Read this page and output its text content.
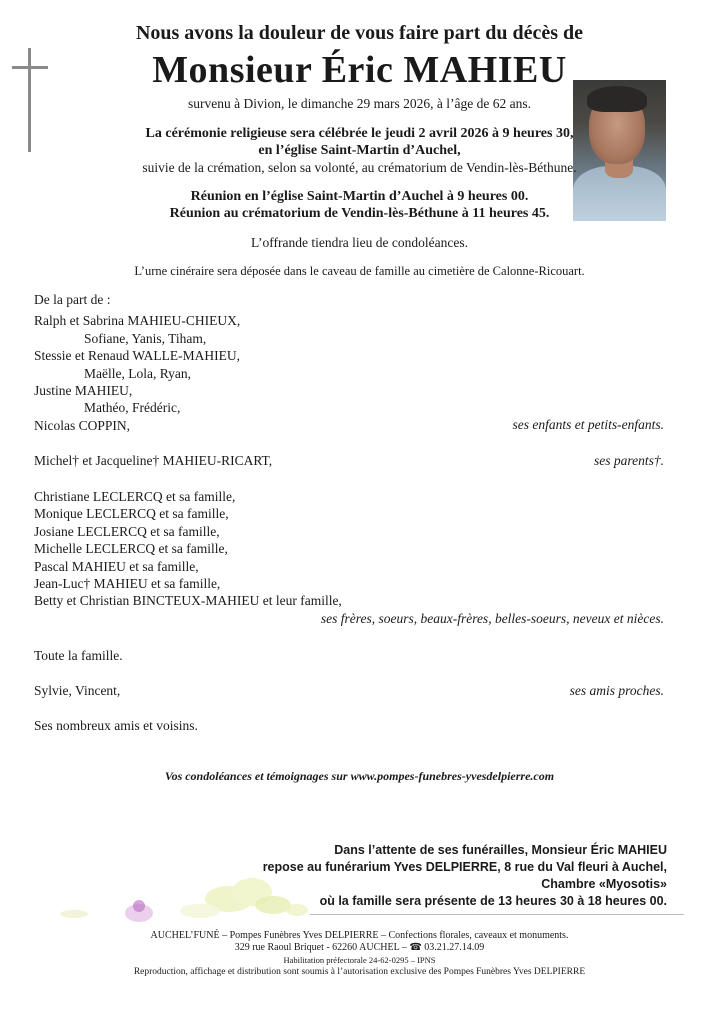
Nous avons la douleur de vous faire part du décès de
Monsieur Éric MAHIEU
survenu à Divion, le dimanche 29 mars 2026, à l’âge de 62 ans.
La cérémonie religieuse sera célébrée le jeudi 2 avril 2026 à 9 heures 30,
en l’église Saint-Martin d’Auchel,
suivie de la crémation, selon sa volonté, au crématorium de Vendin-lès-Béthune.
Réunion en l’église Saint-Martin d’Auchel à 9 heures 00.
Réunion au crématorium de Vendin-lès-Béthune à 11 heures 45.
L’offrande tiendra lieu de condoléances.
L’urne cinéraire sera déposée dans le caveau de famille au cimetière de Calonne-Ricouart.
De la part de :
Ralph et Sabrina MAHIEU-CHIEUX,
Sofiane, Yanis, Tiham,
Stessie et Renaud WALLE-MAHIEU,
Maëlle, Lola, Ryan,
Justine MAHIEU,
Mathéo, Frédéric,
Nicolas COPPIN,	ses enfants et petits-enfants.
Michel† et Jacqueline† MAHIEU-RICART,	ses parents†.
Christiane LECLERCQ et sa famille,
Monique LECLERCQ et sa famille,
Josiane LECLERCQ et sa famille,
Michelle LECLERCQ et sa famille,
Pascal MAHIEU et sa famille,
Jean-Luc† MAHIEU et sa famille,
Betty et Christian BINCTEUX-MAHIEU et leur famille,
ses frères, soeurs, beaux-frères, belles-soeurs, neveux et nièces.
Toute la famille.
Sylvie, Vincent,	ses amis proches.
Ses nombreux amis et voisins.
Vos condoléances et témoignages sur www.pompes-funebres-yvesdelpierre.com
Dans l’attente de ses funérailles, Monsieur Éric MAHIEU
repose au funérarium Yves DELPIERRE, 8 rue du Val fleuri à Auchel,
Chambre «Myosotis»
où la famille sera présente de 13 heures 30 à 18 heures 00.
AUCHEL’FUNÉ – Pompes Funèbres Yves DELPIERRE – Confections florales, caveaux et monuments.
329 rue Raoul Briquet - 62260 AUCHEL – ☎ 03.21.27.14.09
Habilitation préfectorale 24-62-0295 – IPNS
Reproduction, affichage et distribution sont soumis à l’autorisation exclusive des Pompes Funèbres Yves DELPIERRE
